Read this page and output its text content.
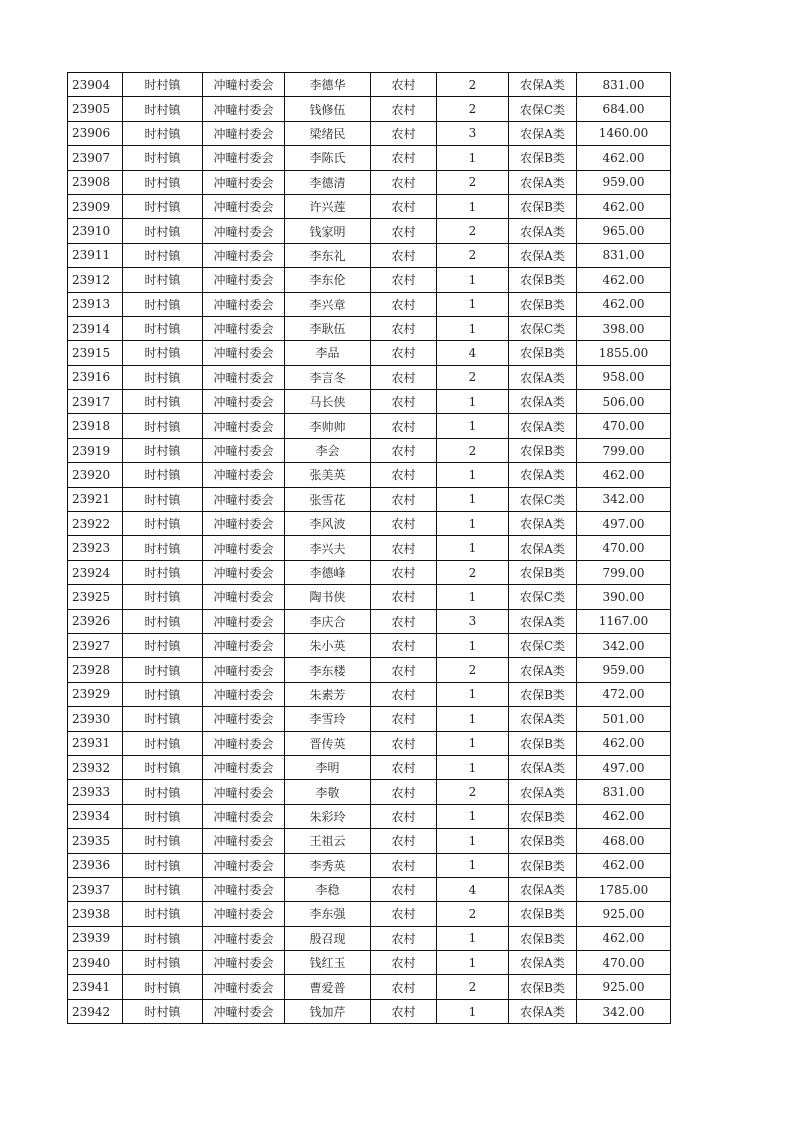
23904	时村镇	冲疃村委会	李德华	农村	2	农保A类	831.00
23905	时村镇	冲疃村委会	钱修伍	农村	2	农保C类	684.00
23906	时村镇	冲疃村委会	梁绪民	农村	3	农保A类	1460.00
23907	时村镇	冲疃村委会	李陈氏	农村	1	农保B类	462.00
23908	时村镇	冲疃村委会	李德清	农村	2	农保A类	959.00
23909	时村镇	冲疃村委会	许兴莲	农村	1	农保B类	462.00
23910	时村镇	冲疃村委会	钱家明	农村	2	农保A类	965.00
23911	时村镇	冲疃村委会	李东礼	农村	2	农保A类	831.00
23912	时村镇	冲疃村委会	李东伦	农村	1	农保B类	462.00
23913	时村镇	冲疃村委会	李兴章	农村	1	农保B类	462.00
23914	时村镇	冲疃村委会	李耿伍	农村	1	农保C类	398.00
23915	时村镇	冲疃村委会	李品	农村	4	农保B类	1855.00
23916	时村镇	冲疃村委会	李言冬	农村	2	农保A类	958.00
23917	时村镇	冲疃村委会	马长侠	农村	1	农保A类	506.00
23918	时村镇	冲疃村委会	李帅帅	农村	1	农保A类	470.00
23919	时村镇	冲疃村委会	李会	农村	2	农保B类	799.00
23920	时村镇	冲疃村委会	张美英	农村	1	农保A类	462.00
23921	时村镇	冲疃村委会	张雪花	农村	1	农保C类	342.00
23922	时村镇	冲疃村委会	李风波	农村	1	农保A类	497.00
23923	时村镇	冲疃村委会	李兴夫	农村	1	农保A类	470.00
23924	时村镇	冲疃村委会	李德峰	农村	2	农保B类	799.00
23925	时村镇	冲疃村委会	陶书侠	农村	1	农保C类	390.00
23926	时村镇	冲疃村委会	李庆合	农村	3	农保A类	1167.00
23927	时村镇	冲疃村委会	朱小英	农村	1	农保C类	342.00
23928	时村镇	冲疃村委会	李东楼	农村	2	农保A类	959.00
23929	时村镇	冲疃村委会	朱素芳	农村	1	农保B类	472.00
23930	时村镇	冲疃村委会	李雪玲	农村	1	农保A类	501.00
23931	时村镇	冲疃村委会	晋传英	农村	1	农保B类	462.00
23932	时村镇	冲疃村委会	李明	农村	1	农保A类	497.00
23933	时村镇	冲疃村委会	李敬	农村	2	农保A类	831.00
23934	时村镇	冲疃村委会	朱彩玲	农村	1	农保B类	462.00
23935	时村镇	冲疃村委会	王祖云	农村	1	农保B类	468.00
23936	时村镇	冲疃村委会	李秀英	农村	1	农保B类	462.00
23937	时村镇	冲疃村委会	李稳	农村	4	农保A类	1785.00
23938	时村镇	冲疃村委会	李东强	农村	2	农保B类	925.00
23939	时村镇	冲疃村委会	殷召现	农村	1	农保B类	462.00
23940	时村镇	冲疃村委会	钱红玉	农村	1	农保A类	470.00
23941	时村镇	冲疃村委会	曹爱普	农村	2	农保B类	925.00
23942	时村镇	冲疃村委会	钱加芹	农村	1	农保A类	342.00
